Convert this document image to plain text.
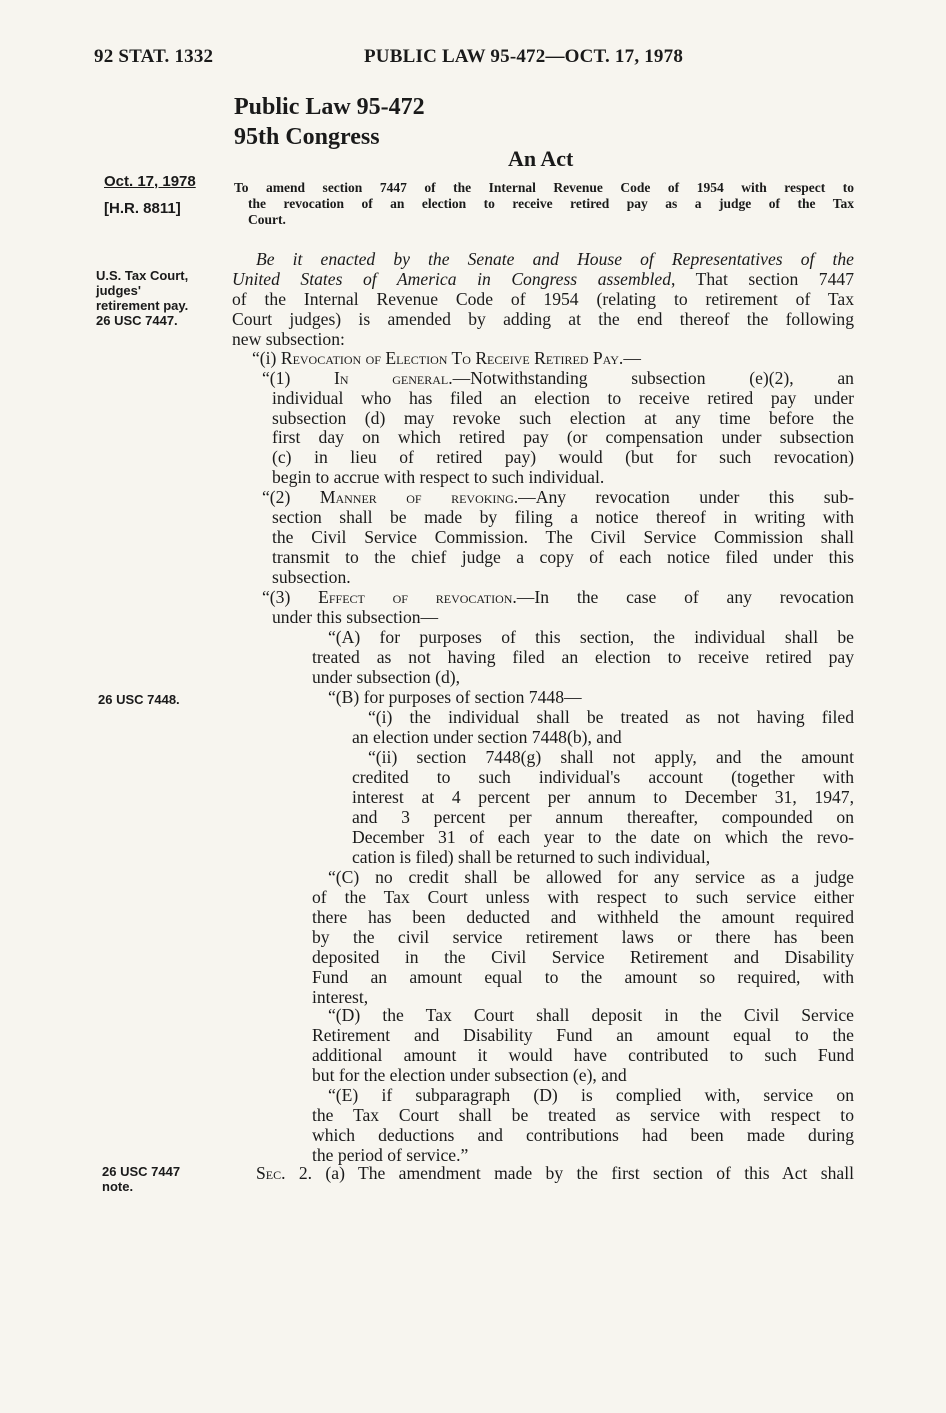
92 STAT. 1332	PUBLIC LAW 95-472—OCT. 17, 1978
Public Law 95-472
95th Congress
An Act
Oct. 17, 1978
[H.R. 8811]
U.S. Tax Court,
judges'
retirement pay.
26 USC 7447.
26 USC 7448.
26 USC 7447
note.
To amend section 7447 of the Internal Revenue Code of 1954 with respect to
the revocation of an election to receive retired pay as a judge of the Tax
Court.
Be it enacted by the Senate and House of Representatives of the
United States of America in Congress assembled, That section 7447
of the Internal Revenue Code of 1954 (relating to retirement of Tax
Court judges) is amended by adding at the end thereof the following
new subsection:
“(i) Revocation of Election To Receive Retired Pay.—
“(1) In general.—Notwithstanding subsection (e)(2), an
individual who has filed an election to receive retired pay under
subsection (d) may revoke such election at any time before the
first day on which retired pay (or compensation under subsection
(c) in lieu of retired pay) would (but for such revocation)
begin to accrue with respect to such individual.
“(2) Manner of revoking.—Any revocation under this sub-
section shall be made by filing a notice thereof in writing with
the Civil Service Commission. The Civil Service Commission shall
transmit to the chief judge a copy of each notice filed under this
subsection.
“(3) Effect of revocation.—In the case of any revocation
under this subsection—
“(A) for purposes of this section, the individual shall be
treated as not having filed an election to receive retired pay
under subsection (d),
“(B) for purposes of section 7448—
“(i) the individual shall be treated as not having filed
an election under section 7448(b), and
“(ii) section 7448(g) shall not apply, and the amount
credited to such individual's account (together with
interest at 4 percent per annum to December 31, 1947,
and 3 percent per annum thereafter, compounded on
December 31 of each year to the date on which the revo-
cation is filed) shall be returned to such individual,
“(C) no credit shall be allowed for any service as a judge
of the Tax Court unless with respect to such service either
there has been deducted and withheld the amount required
by the civil service retirement laws or there has been
deposited in the Civil Service Retirement and Disability
Fund an amount equal to the amount so required, with
interest,
“(D) the Tax Court shall deposit in the Civil Service
Retirement and Disability Fund an amount equal to the
additional amount it would have contributed to such Fund
but for the election under subsection (e), and
“(E) if subparagraph (D) is complied with, service on
the Tax Court shall be treated as service with respect to
which deductions and contributions had been made during
the period of service.”
Sec. 2. (a) The amendment made by the first section of this Act shall
